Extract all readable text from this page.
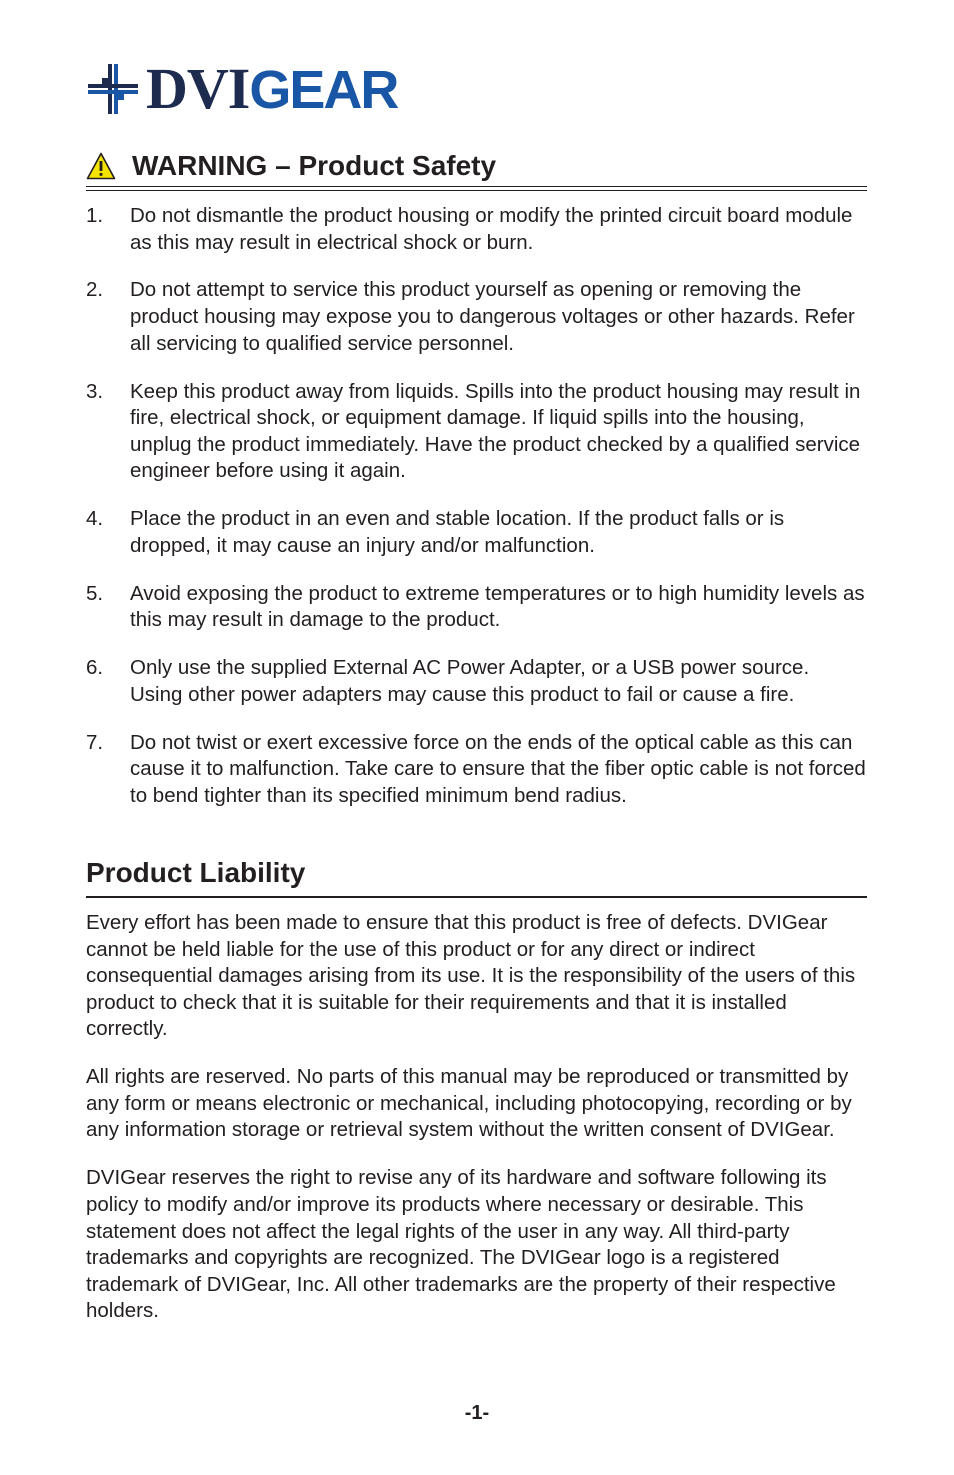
DVIGEAR
WARNING – Product Safety
1.	Do not dismantle the product housing or modify the printed circuit board module as this may result in electrical shock or burn.
2.	Do not attempt to service this product yourself as opening or removing the product housing may expose you to dangerous voltages or other hazards. Refer all servicing to qualified service personnel.
3.	Keep this product away from liquids. Spills into the product housing may result in fire, electrical shock, or equipment damage. If liquid spills into the housing, unplug the product immediately. Have the product checked by a qualified service engineer before using it again.
4.	Place the product in an even and stable location. If the product falls or is dropped, it may cause an injury and/or malfunction.
5.	Avoid exposing the product to extreme temperatures or to high humidity levels as this may result in damage to the product.
6.	Only use the supplied External AC Power Adapter, or a USB power source. Using other power adapters may cause this product to fail or cause a fire.
7.	Do not twist or exert excessive force on the ends of the optical cable as this can cause it to malfunction. Take care to ensure that the fiber optic cable is not forced to bend tighter than its specified minimum bend radius.
Product Liability

Every effort has been made to ensure that this product is free of defects. DVIGear cannot be held liable for the use of this product or for any direct or indirect consequential damages arising from its use. It is the responsibility of the users of this product to check that it is suitable for their requirements and that it is installed correctly.

All rights are reserved. No parts of this manual may be reproduced or transmitted by any form or means electronic or mechanical, including photocopying, recording or by any information storage or retrieval system without the written consent of DVIGear.

DVIGear reserves the right to revise any of its hardware and software following its policy to modify and/or improve its products where necessary or desirable. This statement does not affect the legal rights of the user in any way. All third-party trademarks and copyrights are recognized. The DVIGear logo is a registered trademark of DVIGear, Inc. All other trademarks are the property of their respective holders.

-1-
